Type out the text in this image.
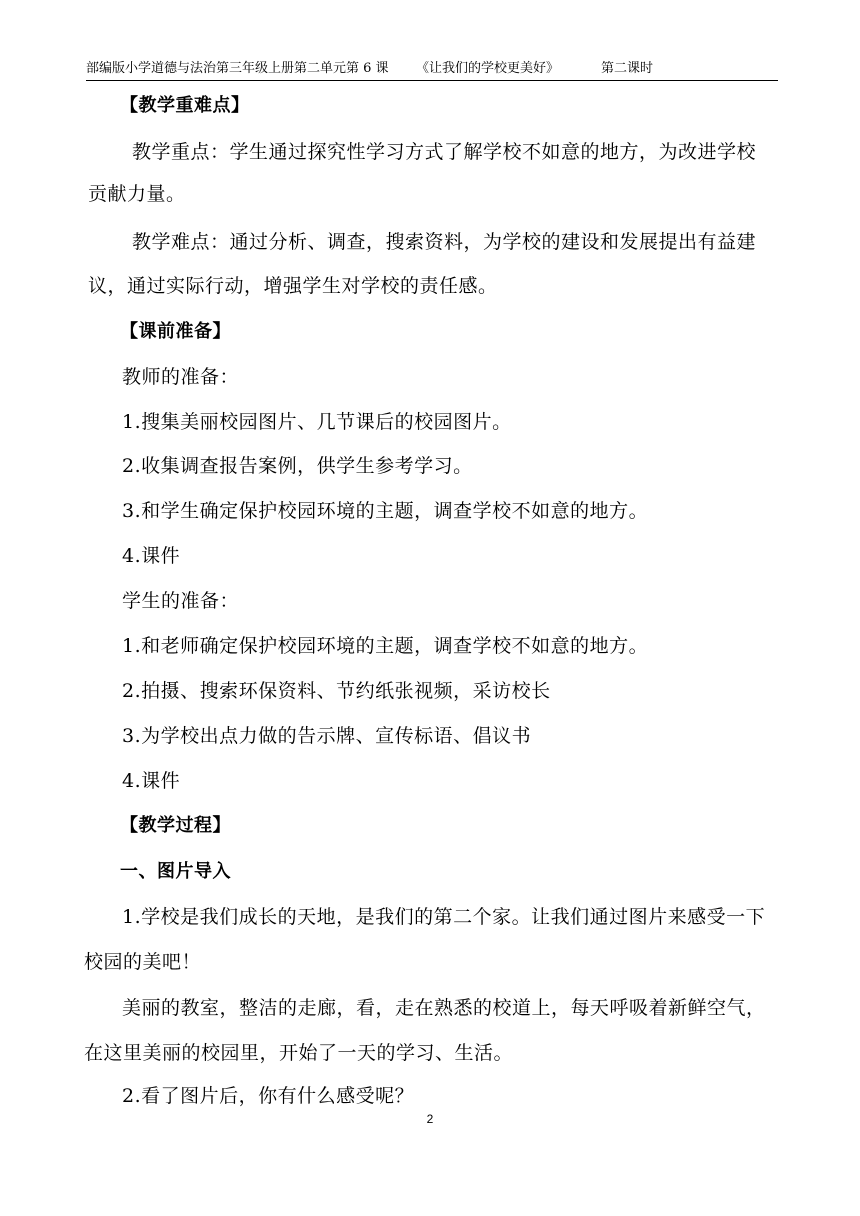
部编版小学道德与法治第三年级上册第二单元第 6 课 《让我们的学校更美好》	第二课时
【教学重难点】
教学重点：学生通过探究性学习方式了解学校不如意的地方，为改进学校
贡献力量。
教学难点：通过分析、调查，搜索资料，为学校的建设和发展提出有益建
议，通过实际行动，增强学生对学校的责任感。
【课前准备】
教师的准备：
1.搜集美丽校园图片、几节课后的校园图片。
2.收集调查报告案例，供学生参考学习。
3.和学生确定保护校园环境的主题，调查学校不如意的地方。
4.课件
学生的准备：
1.和老师确定保护校园环境的主题，调查学校不如意的地方。
2.拍摄、搜索环保资料、节约纸张视频，采访校长
3.为学校出点力做的告示牌、宣传标语、倡议书
4.课件
【教学过程】
一、图片导入
1.学校是我们成长的天地，是我们的第二个家。让我们通过图片来感受一下
校园的美吧！
美丽的教室，整洁的走廊，看，走在熟悉的校道上，每天呼吸着新鲜空气，
在这里美丽的校园里，开始了一天的学习、生活。
2.看了图片后，你有什么感受呢？
2
